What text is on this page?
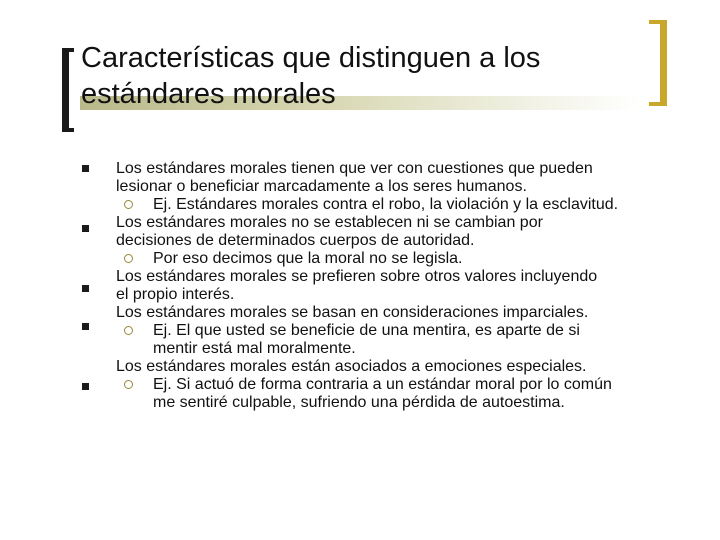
Características que distinguen a los
estándares morales
Los estándares morales tienen que ver con cuestiones que pueden
lesionar o beneficiar marcadamente a los seres humanos.
Ej. Estándares morales contra el robo, la violación y la esclavitud.
Los estándares morales no se establecen ni se cambian por
decisiones de determinados cuerpos de autoridad.
Por eso decimos que la moral no se legisla.
Los estándares morales se prefieren sobre otros valores incluyendo
el propio interés.
Los estándares morales se basan en consideraciones imparciales.
Ej. El que usted se beneficie de una mentira, es aparte de si
mentir está mal moralmente.
Los estándares morales están asociados a emociones especiales.
Ej. Si actuó de forma contraria a un estándar moral por lo común
me sentiré culpable, sufriendo una pérdida de autoestima.
